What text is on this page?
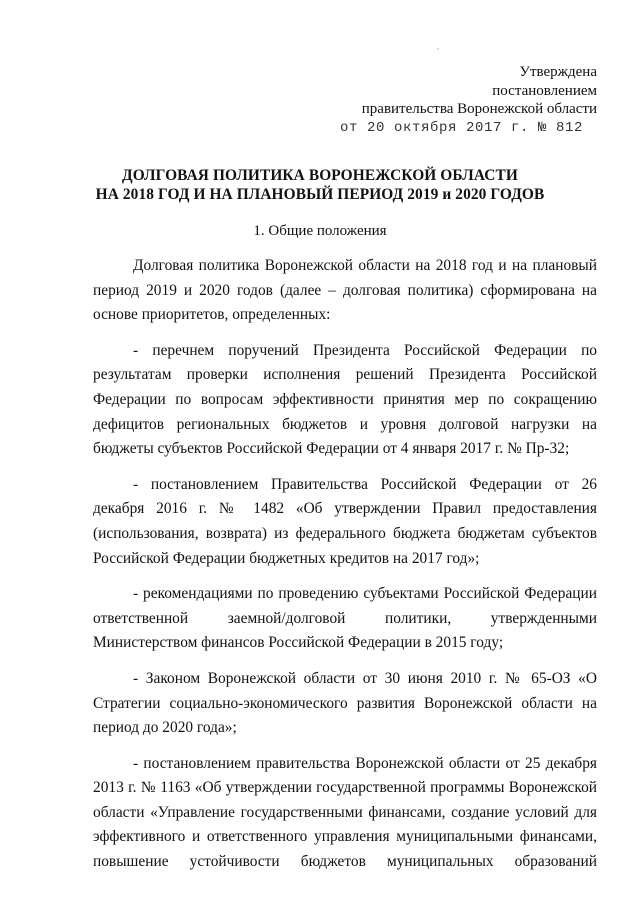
Утверждена
постановлением
правительства Воронежской области
от 20 октября 2017 г. № 812
ДОЛГОВАЯ ПОЛИТИКА ВОРОНЕЖСКОЙ ОБЛАСТИ
НА 2018 ГОД И НА ПЛАНОВЫЙ ПЕРИОД 2019 и 2020 ГОДОВ
1. Общие положения

Долговая политика Воронежской области на 2018 год и на плановый период 2019 и 2020 годов (далее – долговая политика) сформирована на основе приоритетов, определенных:

- перечнем поручений Президента Российской Федерации по результатам проверки исполнения решений Президента Российской Федерации по вопросам эффективности принятия мер по сокращению дефицитов региональных бюджетов и уровня долговой нагрузки на бюджеты субъектов Российской Федерации от 4 января 2017 г. № Пр-32;

- постановлением Правительства Российской Федерации от 26 декабря 2016 г. № 1482 «Об утверждении Правил предоставления (использования, возврата) из федерального бюджета бюджетам субъектов Российской Федерации бюджетных кредитов на 2017 год»;

- рекомендациями по проведению субъектами Российской Федерации ответственной заемной/долговой политики, утвержденными Министерством финансов Российской Федерации в 2015 году;

- Законом Воронежской области от 30 июня 2010 г. № 65-ОЗ «О Стратегии социально-экономического развития Воронежской области на период до 2020 года»;

- постановлением правительства Воронежской области от 25 декабря 2013 г. № 1163 «Об утверждении государственной программы Воронежской области «Управление государственными финансами, создание условий для эффективного и ответственного управления муниципальными финансами, повышение устойчивости бюджетов муниципальных образований
